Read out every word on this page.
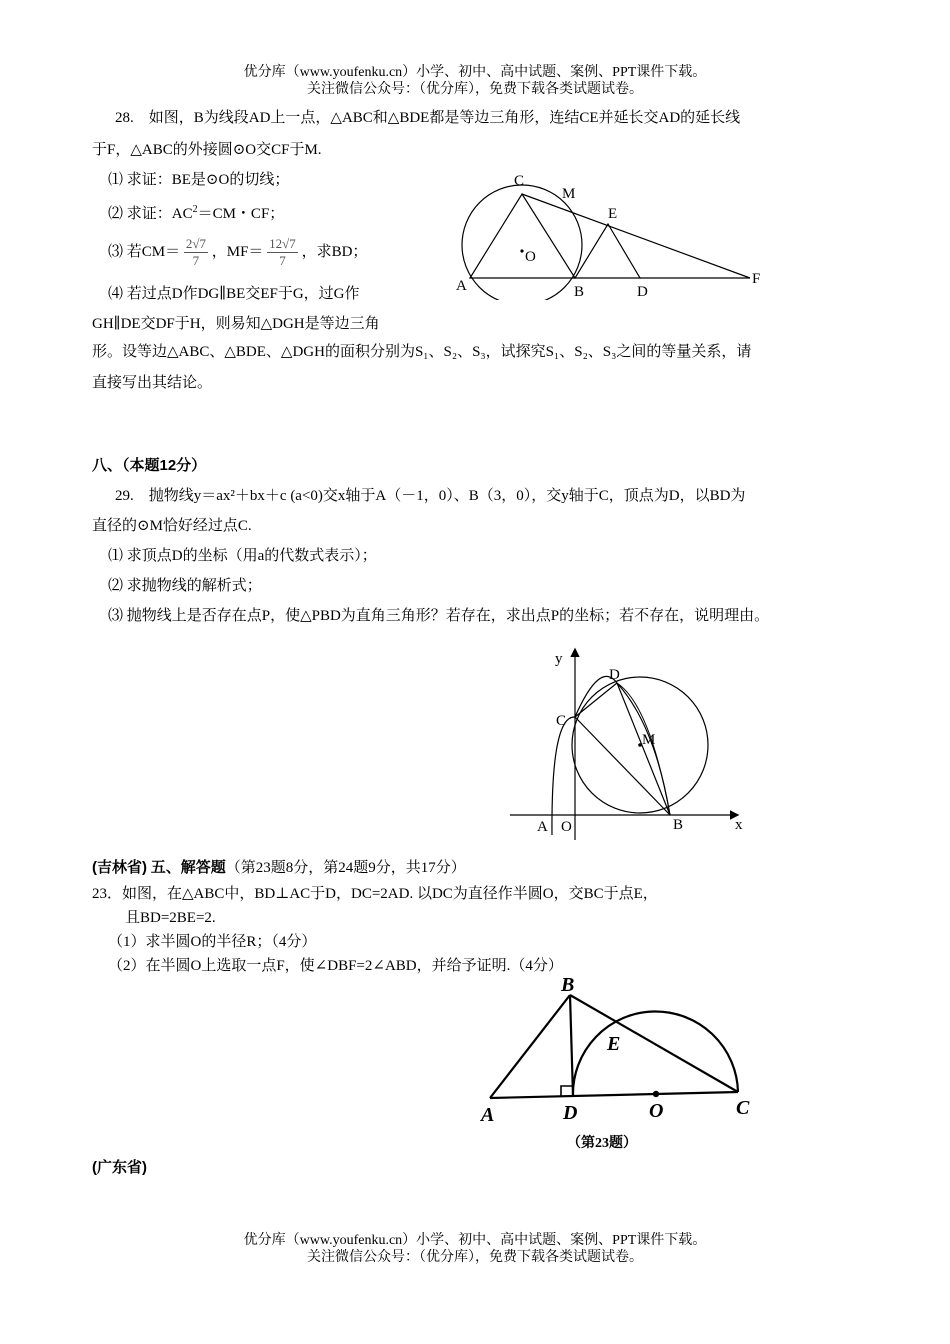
优分库（www.youfenku.cn）小学、初中、高中试题、案例、PPT课件下载。
关注微信公众号：（优分库），免费下载各类试题试卷。
28.　如图，B为线段AD上一点，△ABC和△BDE都是等边三角形，连结CE并延长交AD的延长线
于F，△ABC的外接圆⊙O交CF于M.
⑴ 求证：BE是⊙O的切线；
⑵ 求证：$AC^2=CM$・CF；
⑶ 若$CM= \frac{2√7}{7}$ ，$MF= \frac{12√7}{7}$ ，求BD；
⑷ 若过点D作DG∥BE交EF于G，过G作
GH∥DE交DF于H，则易知△DGH是等边三角
形。设等边△ABC、△BDE、△DGH的面积分别为S₁、S₂、S₃，试探究S₁、S₂、S₃之间的等量关系，请
直接写出其结论。
C
M
E
O
A	B	D
F
八、（本题12分）
29.　抛物线y＝ax²＋bx＋c (a<0)交x轴于A（－1，0）、B（3，0），交y轴于C，顶点为D，以BD为
直径的⊙M恰好经过点C.
⑴ 求顶点D的坐标（用a的代数式表示）；
⑵ 求抛物线的解析式；
⑶ 抛物线上是否存在点P，使△PBD为直角三角形？若存在，求出点P的坐标；若不存在，说明理由。
y
x
D
C
M
A O	B
(吉林省) 五、解答题（第23题8分，第24题9分，共17分）
23．如图，在△ABC中，BD⊥AC于D，DC=2AD. 以DC为直径作半圆O，交BC于点E，
且BD=2BE=2.
（1）求半圆O的半径R；（4分）
（2）在半圆O上选取一点F，使∠DBF=2∠ABD，并给予证明.（4分）
B
E
A	D	O	C
（第23题）
(广东省)
优分库（www.youfenku.cn）小学、初中、高中试题、案例、PPT课件下载。
关注微信公众号：（优分库），免费下载各类试题试卷。
